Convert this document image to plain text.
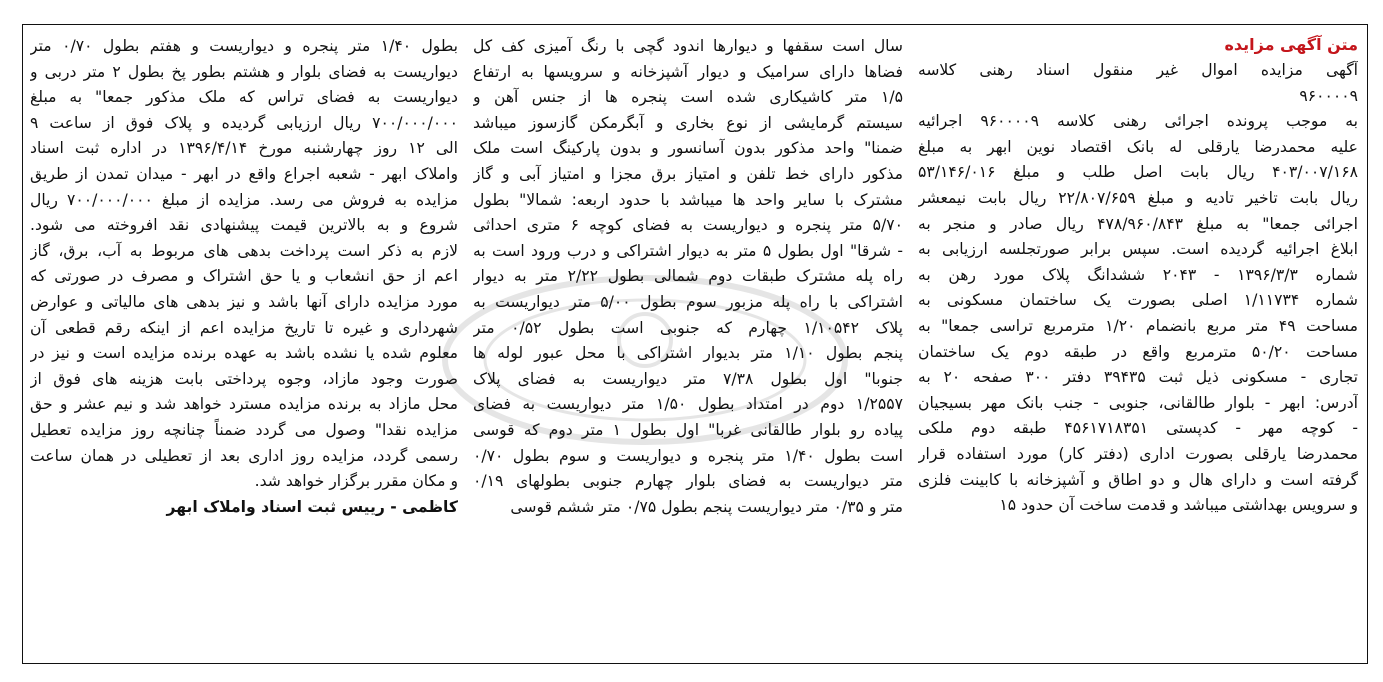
متن آگهی مزایده
آگهی مزایده اموال غیر منقول اسناد رهنی کلاسه
۹۶۰۰۰۰۹
به موجب پرونده اجرائی رهنی کلاسه ۹۶۰۰۰۰۹ اجرائیه
علیه محمدرضا یارقلی له بانک اقتصاد نوین ابهر به مبلغ
۴۰۳/۰۰۷/۱۶۸ ریال بابت اصل طلب و مبلغ ۵۳/۱۴۶/۰۱۶
ریال بابت تاخیر تادیه و مبلغ ۲۲/۸۰۷/۶۵۹ ریال بابت نیمعشر
اجرائی جمعا" به مبلغ ۴۷۸/۹۶۰/۸۴۳ ریال صادر و منجر به
ابلاغ اجرائیه گردیده است. سپس برابر صورتجلسه ارزیابی به
شماره ۱۳۹۶/۳/۳ - ۲۰۴۳ ششدانگ پلاک مورد رهن به
شماره ۱/۱۱۷۳۴ اصلی بصورت یک ساختمان مسکونی به
مساحت ۴۹ متر مربع بانضمام ۱/۲۰ مترمربع تراسی جمعا" به
مساحت ۵۰/۲۰ مترمربع واقع در طبقه دوم یک ساختمان
تجاری - مسکونی ذیل ثبت ۳۹۴۳۵ دفتر ۳۰۰ صفحه ۲۰ به
آدرس: ابهر - بلوار طالقانی، جنوبی - جنب بانک مهر بسیجیان
- کوچه مهر - کدپستی ۴۵۶۱۷۱۸۳۵۱ طبقه دوم ملکی
محمدرضا یارقلی بصورت اداری (دفتر کار) مورد استفاده قرار
گرفته است و دارای هال و دو اطاق و آشپزخانه با کابینت فلزی
و سرویس بهداشتی میباشد و قدمت ساخت آن حدود ۱۵
سال است سقفها و دیوارها اندود گچی با رنگ آمیزی کف کل
فضاها دارای سرامیک و دیوار آشپزخانه و سرویسها به ارتفاع
۱/۵ متر کاشیکاری شده است پنجره ها از جنس آهن و
سیستم گرمایشی از نوع بخاری و آبگرمکن گازسوز میباشد
ضمنا" واحد مذکور بدون آسانسور و بدون پارکینگ است ملک
مذکور دارای خط تلفن و امتیاز برق مجزا و امتیاز آبی و گاز
مشترک با سایر واحد ها میباشد با حدود اربعه: شمالا" بطول
۵/۷۰ متر پنجره و دیواریست به فضای کوچه ۶ متری احداثی
- شرقا" اول بطول ۵ متر به دیوار اشتراکی و درب ورود است به
راه پله مشترک طبقات دوم شمالی بطول ۲/۲۲ متر به دیوار
اشتراکی با راه پله مزبور سوم بطول ۵/۰۰ متر دیواریست به
پلاک ۱/۱۰۵۴۲ چهارم که جنوبی است بطول ۰/۵۲ متر
پنجم بطول ۱/۱۰ متر بدیوار اشتراکی با محل عبور لوله ها
جنوبا" اول بطول ۷/۳۸ متر دیواریست به فضای پلاک
۱/۲۵۵۷ دوم در امتداد بطول ۱/۵۰ متر دیواریست به فضای
پیاده رو بلوار طالقانی غربا" اول بطول ۱ متر دوم که قوسی
است بطول ۱/۴۰ متر پنجره و دیواریست و سوم بطول ۰/۷۰
متر دیواریست به فضای بلوار چهارم جنوبی بطولهای ۰/۱۹
متر و ۰/۳۵ متر دیواریست پنجم بطول ۰/۷۵ متر ششم قوسی
بطول ۱/۴۰ متر پنجره و دیواریست و هفتم بطول ۰/۷۰ متر
دیواریست به فضای بلوار و هشتم بطور پخ بطول ۲ متر دربی و
دیواریست به فضای تراس که ملک مذکور جمعا" به مبلغ
۷۰۰/۰۰۰/۰۰۰ ریال ارزیابی گردیده و پلاک فوق از ساعت ۹
الی ۱۲ روز چهارشنبه مورخ ۱۳۹۶/۴/۱۴ در اداره ثبت اسناد
واملاک ابهر - شعبه اجراع واقع در ابهر - میدان تمدن از طریق
مزایده به فروش می رسد. مزایده از مبلغ ۷۰۰/۰۰۰/۰۰۰ ریال
شروع و به بالاترین قیمت پیشنهادی نقد افروخته می شود.
لازم به ذکر است پرداخت بدهی های مربوط به آب، برق، گاز
اعم از حق انشعاب و یا حق اشتراک و مصرف در صورتی که
مورد مزایده دارای آنها باشد و نیز بدهی های مالیاتی و عوارض
شهرداری و غیره تا تاریخ مزایده اعم از اینکه رقم قطعی آن
معلوم شده یا نشده باشد به عهده برنده مزایده است و نیز در
صورت وجود مازاد، وجوه پرداختی بابت هزینه های فوق از
محل مازاد به برنده مزایده مسترد خواهد شد و نیم عشر و حق
مزایده نقدا" وصول می گردد ضمناً چنانچه روز مزایده تعطیل
رسمی گردد، مزایده روز اداری بعد از تعطیلی در همان ساعت
و مکان مقرر برگزار خواهد شد.
کاظمی - رییس ثبت اسناد واملاک ابهر
